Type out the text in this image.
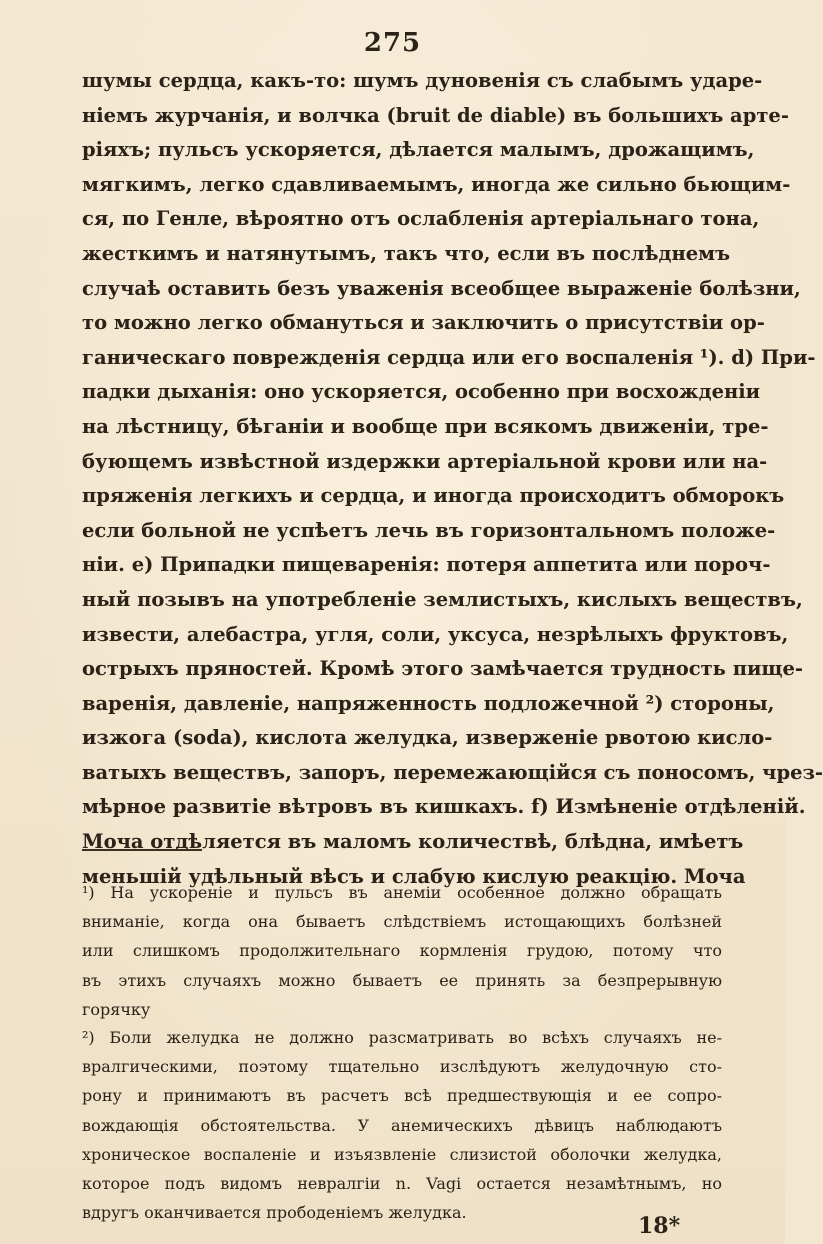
275
шумы сердца, какъ-то: шумъ дуновенія съ слабымъ ударе-
ніемъ журчанія, и волчка (bruit de diable) въ большихъ арте-
ріяхъ; пульсъ ускоряется, дѣлается малымъ, дрожащимъ,
мягкимъ, легко сдавливаемымъ, иногда же сильно бьющим-
ся, по Генле, вѣроятно отъ ослабленія артеріальнаго тона,
жесткимъ и натянутымъ, такъ что, если въ послѣднемъ
случаѣ оставить безъ уваженія всеобщее выраженіе болѣзни,
то можно легко обмануться и заключить о присутствіи ор-
ганическаго поврежденія сердца или его воспаленія ¹). d) При-
падки дыханія: оно ускоряется, особенно при восхожденіи
на лѣстницу, бѣганіи и вообще при всякомъ движеніи, тре-
бующемъ извѣстной издержки артеріальной крови или на-
пряженія легкихъ и сердца, и иногда происходитъ обморокъ
если больной не успѣетъ лечь въ горизонтальномъ положе-
ніи. e) Припадки пищеваренія: потеря аппетита или пороч-
ный позывъ на употребленіе землистыхъ, кислыхъ веществъ,
извести, алебастра, угля, соли, уксуса, незрѣлыхъ фруктовъ,
острыхъ пряностей. Кромѣ этого замѣчается трудность пище-
варенія, давленіе, напряженность подложечной ²) стороны,
изжога (soda), кислота желудка, изверженіе рвотою кисло-
ватыхъ веществъ, запоръ, перемежающійся съ поносомъ, чрез-
мѣрное развитіе вѣтровъ въ кишкахъ. f) Измѣненіе отдѣленій.
Моча отдѣляется въ маломъ количествѣ, блѣдна, имѣетъ
меньшій удѣльный вѣсъ и слабую кислую реакцію. Моча
¹) На ускореніе и пульсъ въ анеміи особенное должно обращать
вниманіе, когда она бываетъ слѣдствіемъ истощающихъ болѣзней
или слишкомъ продолжительнаго кормленія грудою, потому что
въ этихъ случаяхъ можно бываетъ ее принять за безпрерывную
горячку
²) Боли желудка не должно разсматривать во всѣхъ случаяхъ не-
вралгическими, поэтому тщательно изслѣдуютъ желудочную сто-
рону и принимаютъ въ расчетъ всѣ предшествующія и ее сопро-
вождающія обстоятельства. У анемическихъ дѣвицъ наблюдаютъ
хроническое воспаленіе и изъязвленіе слизистой оболочки желудка,
которое подъ видомъ невралгіи n. Vagi остается незамѣтнымъ, но
вдругъ оканчивается прободеніемъ желудка.
18*
